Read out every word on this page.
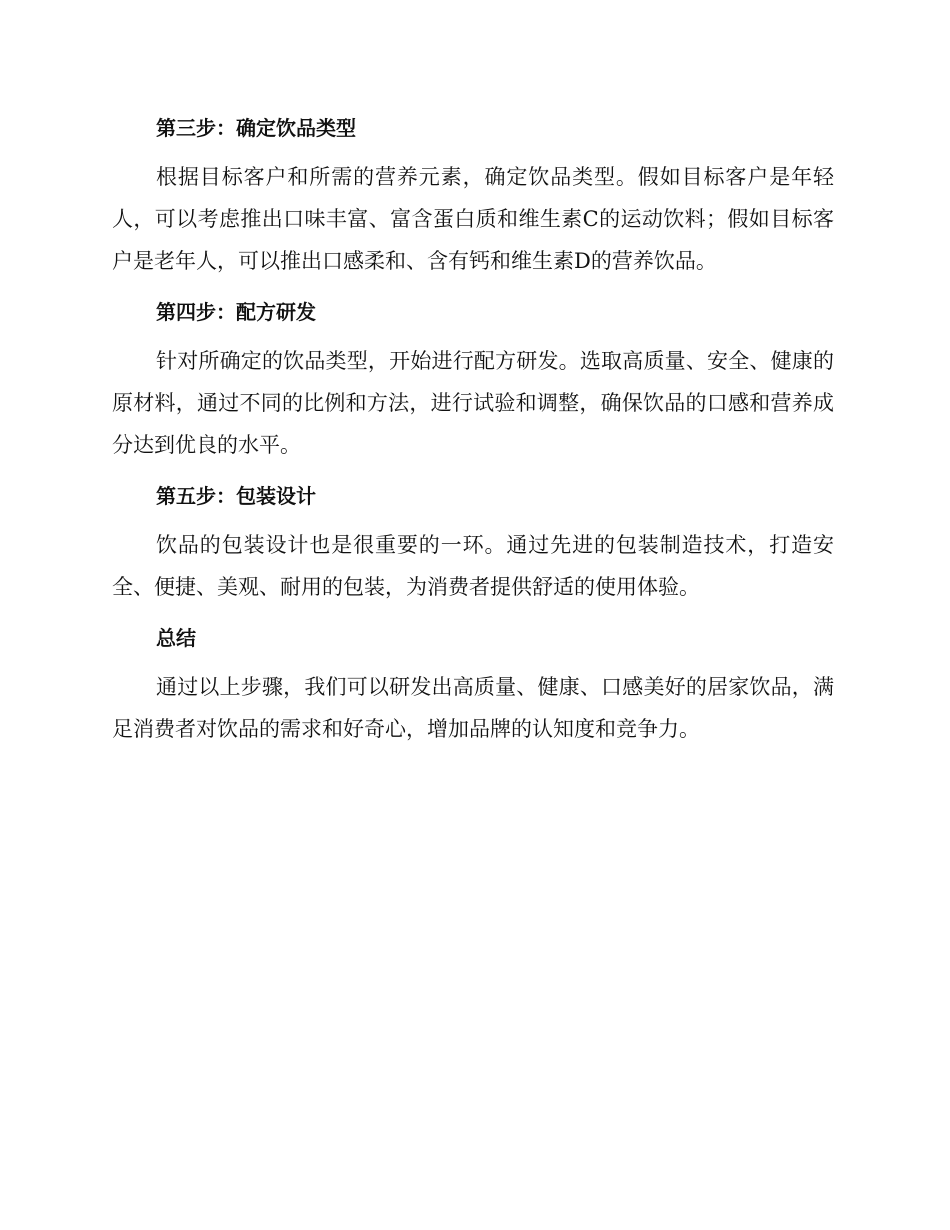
第三步：确定饮品类型

根据目标客户和所需的营养元素，确定饮品类型。假如目标客户是年轻人，可以考虑推出口味丰富、富含蛋白质和维生素C的运动饮料；假如目标客户是老年人，可以推出口感柔和、含有钙和维生素D的营养饮品。

第四步：配方研发

针对所确定的饮品类型，开始进行配方研发。选取高质量、安全、健康的原材料，通过不同的比例和方法，进行试验和调整，确保饮品的口感和营养成分达到优良的水平。

第五步：包装设计

饮品的包装设计也是很重要的一环。通过先进的包装制造技术，打造安全、便捷、美观、耐用的包装，为消费者提供舒适的使用体验。

总结

通过以上步骤，我们可以研发出高质量、健康、口感美好的居家饮品，满足消费者对饮品的需求和好奇心，增加品牌的认知度和竞争力。
